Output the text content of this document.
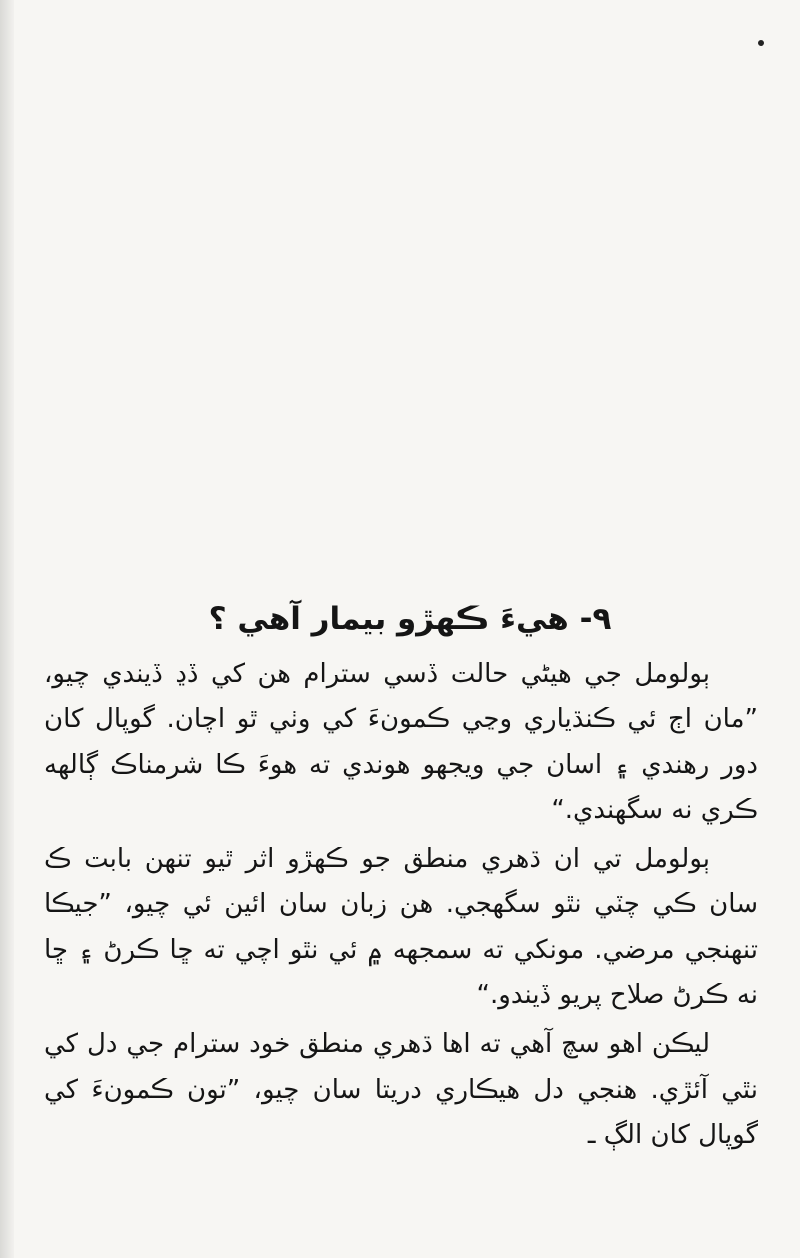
٩- هيءَ ڪهڙو بيمار آهي ؟

ٻولومل جي هيڻي حالت ڏسي سترام هن کي ڏڍ ڏيندي چيو، ”مان اڄ ئي ڪنڌياري وڃي ڪمونءَ کي وٺي ٿو اچان. گوپال کان دور رهندي ۽ اسان جي ويجهو هوندي ته هوءَ ڪا شرمناڪ ڳالهه ڪري نه سگهندي.“

ٻولومل تي ان ڌهري منطق جو ڪهڙو اثر ٿيو تنهن بابت ڪ سان ڪي چٽي نٿو سگهجي. هن زبان سان ائين ئي چيو، ”جيڪا تنهنجي مرضي. مونکي ته سمجهه ۾ ئي نٿو اچي ته ڇا ڪرڻ ۽ ڇا نه ڪرڻ صلاح پريو ڏيندو.“

ليڪن اهو سچ آهي ته اها ڌهري منطق خود سترام جي دل کي نٿي آئڙي. هنجي دل هيڪاري دريتا سان چيو، ”تون ڪمونءَ کي گوپال کان الڳ ـ
